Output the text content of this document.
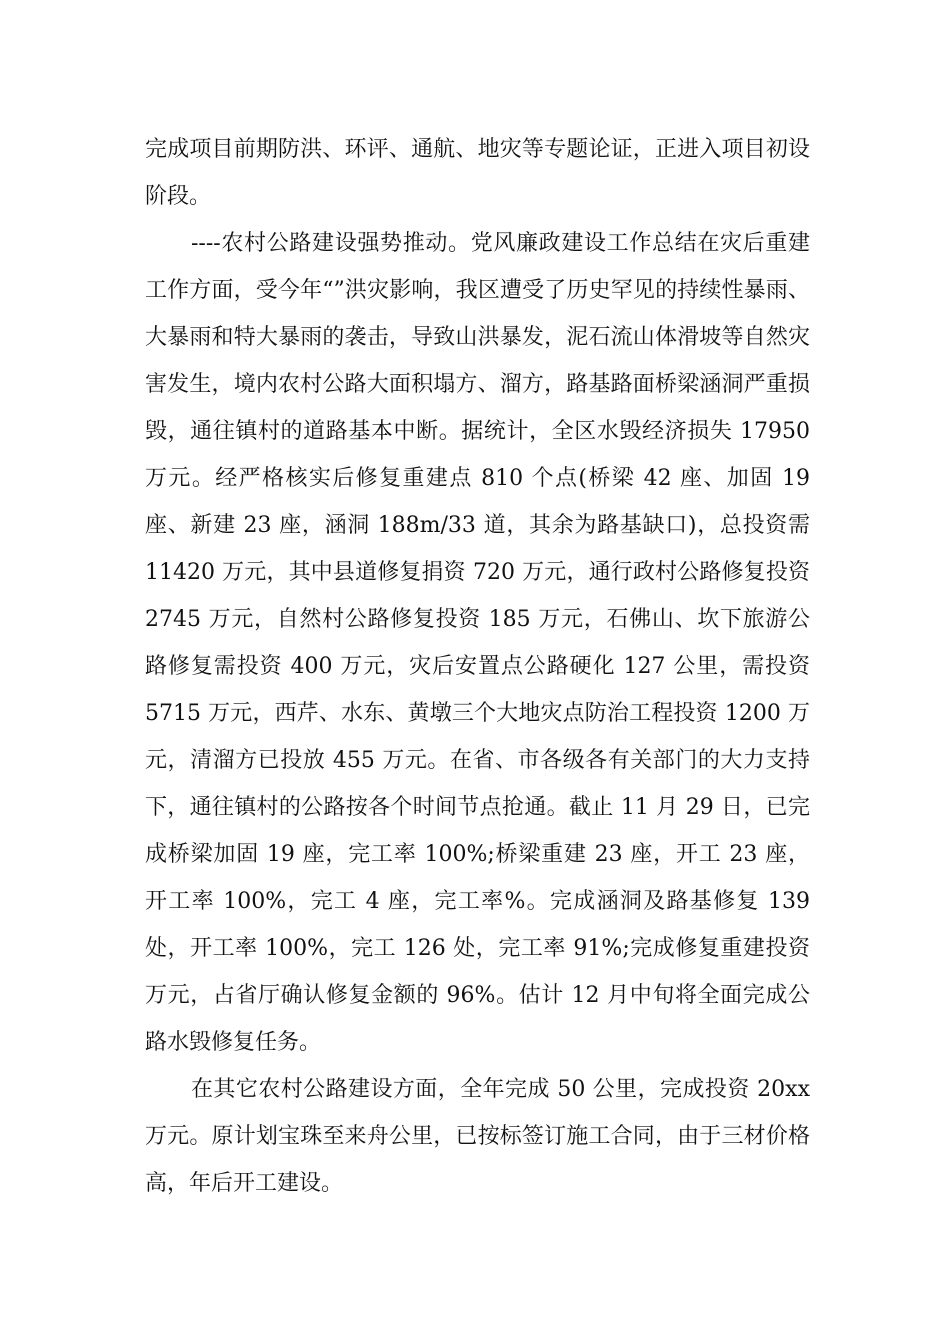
完成项目前期防洪、环评、通航、地灾等专题论证，正进入项目初设阶段。

----农村公路建设强势推动。党风廉政建设工作总结在灾后重建工作方面，受今年“”洪灾影响，我区遭受了历史罕见的持续性暴雨、大暴雨和特大暴雨的袭击，导致山洪暴发，泥石流山体滑坡等自然灾害发生，境内农村公路大面积塌方、溜方，路基路面桥梁涵洞严重损毁，通往镇村的道路基本中断。据统计，全区水毁经济损失 17950 万元。经严格核实后修复重建点 810 个点(桥梁 42 座、加固 19 座、新建 23 座，涵洞 188m/33 道，其余为路基缺口)，总投资需 11420 万元，其中县道修复捐资 720 万元，通行政村公路修复投资 2745 万元，自然村公路修复投资 185 万元，石佛山、坎下旅游公路修复需投资 400 万元，灾后安置点公路硬化 127 公里，需投资 5715 万元，西芹、水东、黄墩三个大地灾点防治工程投资 1200 万元，清溜方已投放 455 万元。在省、市各级各有关部门的大力支持下，通往镇村的公路按各个时间节点抢通。截止 11 月 29 日，已完成桥梁加固 19 座，完工率 100%;桥梁重建 23 座，开工 23 座，开工率 100%，完工 4 座，完工率%。完成涵洞及路基修复 139 处，开工率 100%，完工 126 处，完工率 91%;完成修复重建投资万元，占省厅确认修复金额的 96%。估计 12 月中旬将全面完成公路水毁修复任务。

在其它农村公路建设方面，全年完成 50 公里，完成投资 20xx 万元。原计划宝珠至来舟公里，已按标签订施工合同，由于三材价格高，年后开工建设。
